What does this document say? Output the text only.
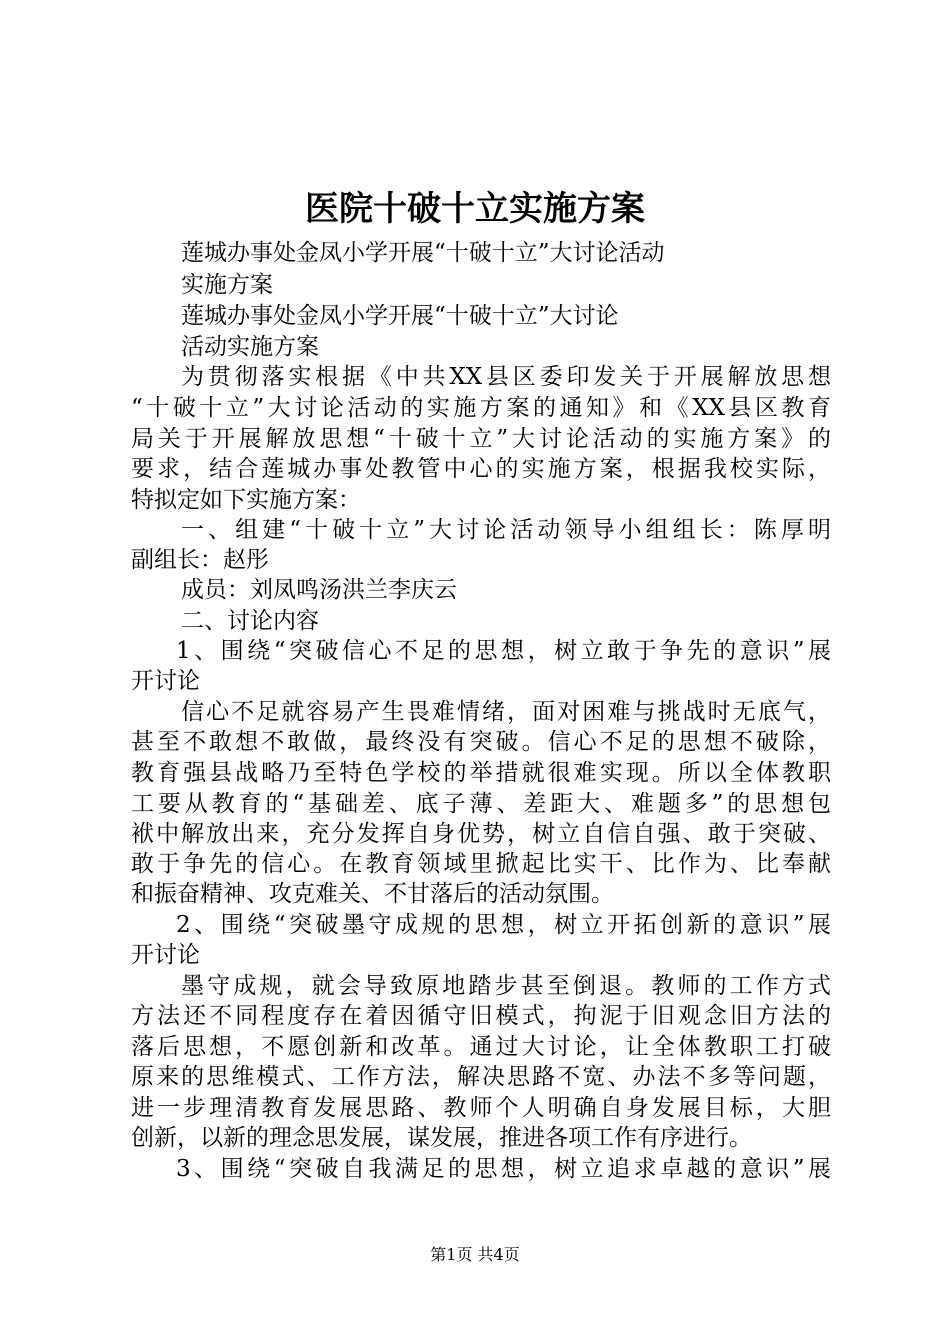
医院十破十立实施方案
莲城办事处金凤小学开展“十破十立”大讨论活动
实施方案
莲城办事处金凤小学开展“十破十立”大讨论
活动实施方案
为贯彻落实根据《中共XX县区委印发关于开展解放思想
“十破十立”大讨论活动的实施方案的通知》和《XX县区教育
局关于开展解放思想“十破十立”大讨论活动的实施方案》的
要求，结合莲城办事处教管中心的实施方案，根据我校实际，
特拟定如下实施方案：
一、组建“十破十立”大讨论活动领导小组组长：陈厚明
副组长：赵彤
成员：刘凤鸣汤洪兰李庆云
二、讨论内容
1、围绕“突破信心不足的思想，树立敢于争先的意识”展
开讨论
信心不足就容易产生畏难情绪，面对困难与挑战时无底气，
甚至不敢想不敢做，最终没有突破。信心不足的思想不破除，
教育强县战略乃至特色学校的举措就很难实现。所以全体教职
工要从教育的“基础差、底子薄、差距大、难题多”的思想包
袱中解放出来，充分发挥自身优势，树立自信自强、敢于突破、
敢于争先的信心。在教育领域里掀起比实干、比作为、比奉献
和振奋精神、攻克难关、不甘落后的活动氛围。
2、围绕“突破墨守成规的思想，树立开拓创新的意识”展
开讨论
墨守成规，就会导致原地踏步甚至倒退。教师的工作方式
方法还不同程度存在着因循守旧模式，拘泥于旧观念旧方法的
落后思想，不愿创新和改革。通过大讨论，让全体教职工打破
原来的思维模式、工作方法，解决思路不宽、办法不多等问题，
进一步理清教育发展思路、教师个人明确自身发展目标，大胆
创新，以新的理念思发展，谋发展，推进各项工作有序进行。
3、围绕“突破自我满足的思想，树立追求卓越的意识”展
第1页 共4页
